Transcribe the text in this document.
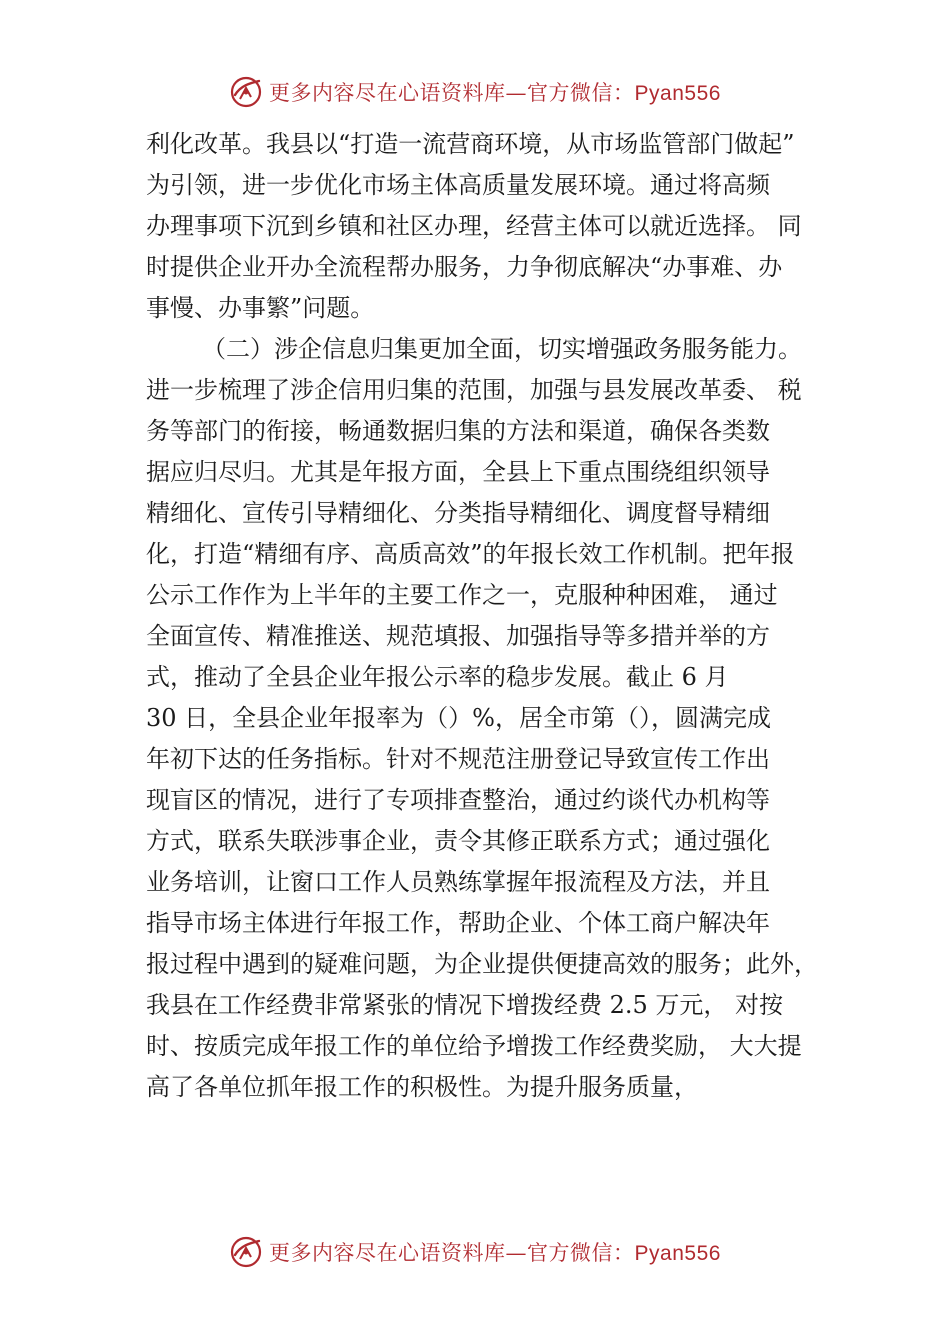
更多内容尽在心语资料库—官方微信：Pyan556
利化改革。我县以“打造一流营商环境，从市场监管部门做起”
为引领，进一步优化市场主体高质量发展环境。通过将高频
办理事项下沉到乡镇和社区办理，经营主体可以就近选择。 同
时提供企业开办全流程帮办服务，力争彻底解决“办事难、办
事慢、办事繁”问题。
（二）涉企信息归集更加全面，切实增强政务服务能力。
进一步梳理了涉企信用归集的范围，加强与县发展改革委、 税
务等部门的衔接，畅通数据归集的方法和渠道，确保各类数
据应归尽归。尤其是年报方面，全县上下重点围绕组织领导
精细化、宣传引导精细化、分类指导精细化、调度督导精细
化，打造“精细有序、高质高效”的年报长效工作机制。把年报
公示工作作为上半年的主要工作之一，克服种种困难， 通过
全面宣传、精准推送、规范填报、加强指导等多措并举的方
式，推动了全县企业年报公示率的稳步发展。截止 6 月
30 日，全县企业年报率为（）%，居全市第（），圆满完成
年初下达的任务指标。针对不规范注册登记导致宣传工作出
现盲区的情况，进行了专项排查整治，通过约谈代办机构等
方式，联系失联涉事企业，责令其修正联系方式；通过强化
业务培训，让窗口工作人员熟练掌握年报流程及方法，并且
指导市场主体进行年报工作，帮助企业、个体工商户解决年
报过程中遇到的疑难问题，为企业提供便捷高效的服务；此外，
我县在工作经费非常紧张的情况下增拨经费 2.5 万元， 对按
时、按质完成年报工作的单位给予增拨工作经费奖励， 大大提
高了各单位抓年报工作的积极性。为提升服务质量，
更多内容尽在心语资料库—官方微信：Pyan556
